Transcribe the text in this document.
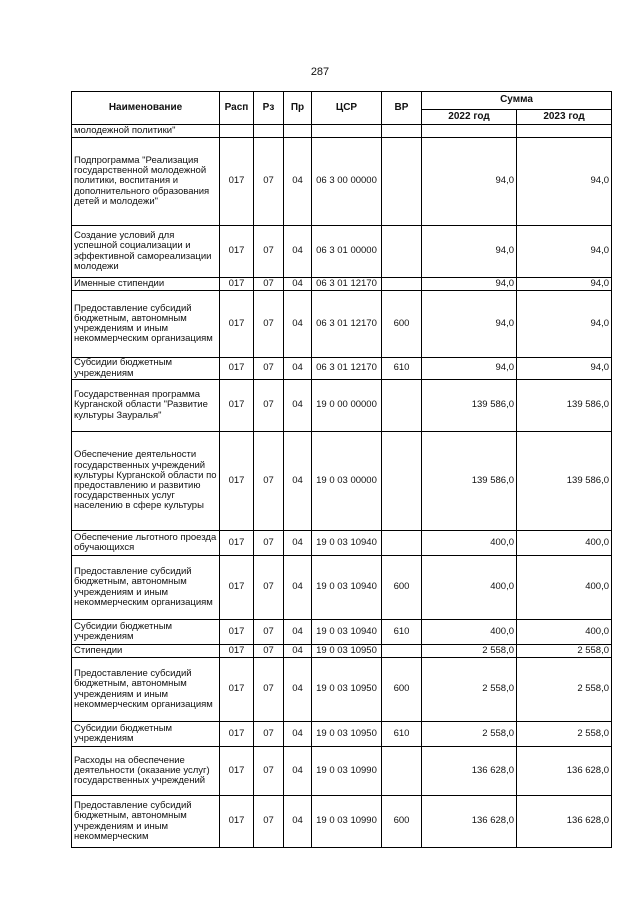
287
Наименование	Расп	Рз	Пр	ЦСР	ВР	Сумма	
						2022 год	2023 год
молодежной политики"							
Подпрограмма "Реализация государственной молодежной политики, воспитания и дополнительного образования детей и молодежи"	017	07	04	06 3 00 00000		94,0	94,0
Создание условий для успешной социализации и эффективной самореализации молодежи	017	07	04	06 3 01 00000		94,0	94,0
Именные стипендии	017	07	04	06 3 01 12170		94,0	94,0
Предоставление субсидий бюджетным, автономным учреждениям и иным некоммерческим организациям	017	07	04	06 3 01 12170	600	94,0	94,0
Субсидии бюджетным учреждениям	017	07	04	06 3 01 12170	610	94,0	94,0
Государственная программа Курганской области "Развитие культуры Зауралья"	017	07	04	19 0 00 00000		139 586,0	139 586,0
Обеспечение деятельности государственных учреждений культуры Курганской области по предоставлению и развитию государственных услуг населению в сфере культуры	017	07	04	19 0 03 00000		139 586,0	139 586,0
Обеспечение льготного проезда обучающихся	017	07	04	19 0 03 10940		400,0	400,0
Предоставление субсидий бюджетным, автономным учреждениям и иным некоммерческим организациям	017	07	04	19 0 03 10940	600	400,0	400,0
Субсидии бюджетным учреждениям	017	07	04	19 0 03 10940	610	400,0	400,0
Стипендии	017	07	04	19 0 03 10950		2 558,0	2 558,0
Предоставление субсидий бюджетным, автономным учреждениям и иным некоммерческим организациям	017	07	04	19 0 03 10950	600	2 558,0	2 558,0
Субсидии бюджетным учреждениям	017	07	04	19 0 03 10950	610	2 558,0	2 558,0
Расходы на обеспечение деятельности (оказание услуг) государственных учреждений	017	07	04	19 0 03 10990		136 628,0	136 628,0
Предоставление субсидий бюджетным, автономным учреждениям и иным некоммерческим	017	07	04	19 0 03 10990	600	136 628,0	136 628,0
